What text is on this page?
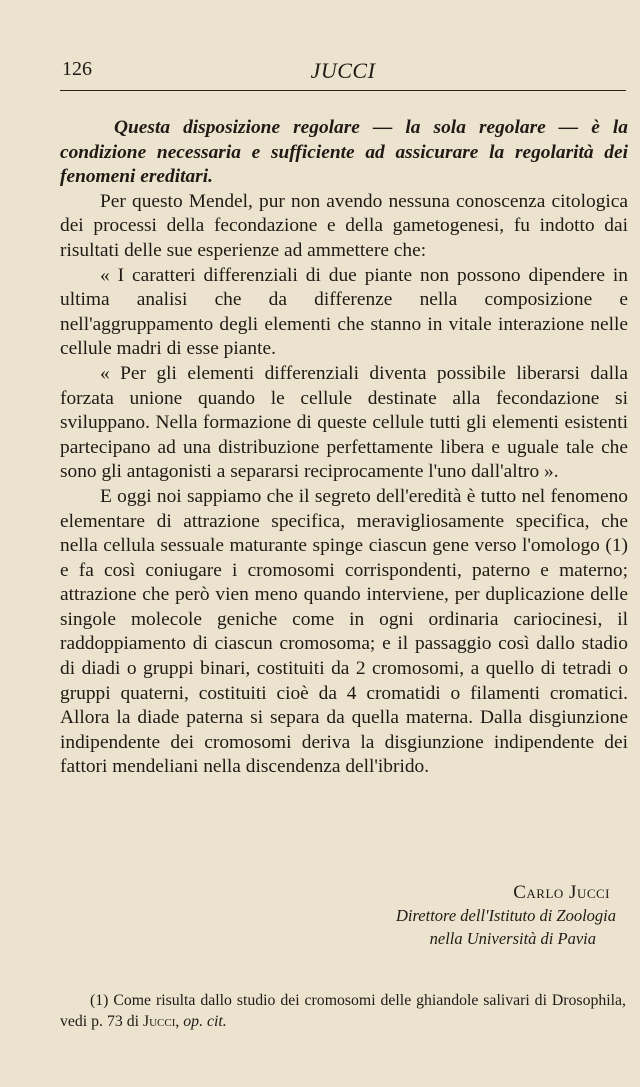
126	JUCCI

Questa disposizione regolare — la sola regolare — è la condizione necessaria e sufficiente ad assicurare la regolarità dei fenomeni ereditari.

Per questo Mendel, pur non avendo nessuna conoscenza citologica dei processi della fecondazione e della gametogenesi, fu indotto dai risultati delle sue esperienze ad ammettere che:

« I caratteri differenziali di due piante non possono dipendere in ultima analisi che da differenze nella composizione e nell'aggruppamento degli elementi che stanno in vitale interazione nelle cellule madri di esse piante.

« Per gli elementi differenziali diventa possibile liberarsi dalla forzata unione quando le cellule destinate alla fecondazione si sviluppano. Nella formazione di queste cellule tutti gli elementi esistenti partecipano ad una distribuzione perfettamente libera e uguale tale che sono gli antagonisti a separarsi reciprocamente l'uno dall'altro ».

E oggi noi sappiamo che il segreto dell'eredità è tutto nel fenomeno elementare di attrazione specifica, meravigliosamente specifica, che nella cellula sessuale maturante spinge ciascun gene verso l'omologo (1) e fa così coniugare i cromosomi corrispondenti, paterno e materno; attrazione che però vien meno quando interviene, per duplicazione delle singole molecole geniche come in ogni ordinaria cariocinesi, il raddoppiamento di ciascun cromosoma; e il passaggio così dallo stadio di diadi o gruppi binari, costituiti da 2 cromosomi, a quello di tetradi o gruppi quaterni, costituiti cioè da 4 cromatidi o filamenti cromatici. Allora la diade paterna si separa da quella materna. Dalla disgiunzione indipendente dei cromosomi deriva la disgiunzione indipendente dei fattori mendeliani nella discendenza dell'ibrido.

Carlo Jucci
Direttore dell'Istituto di Zoologia
nella Università di Pavia

(1) Come risulta dallo studio dei cromosomi delle ghiandole salivari di Drosophila, vedi p. 73 di Jucci, op. cit.
